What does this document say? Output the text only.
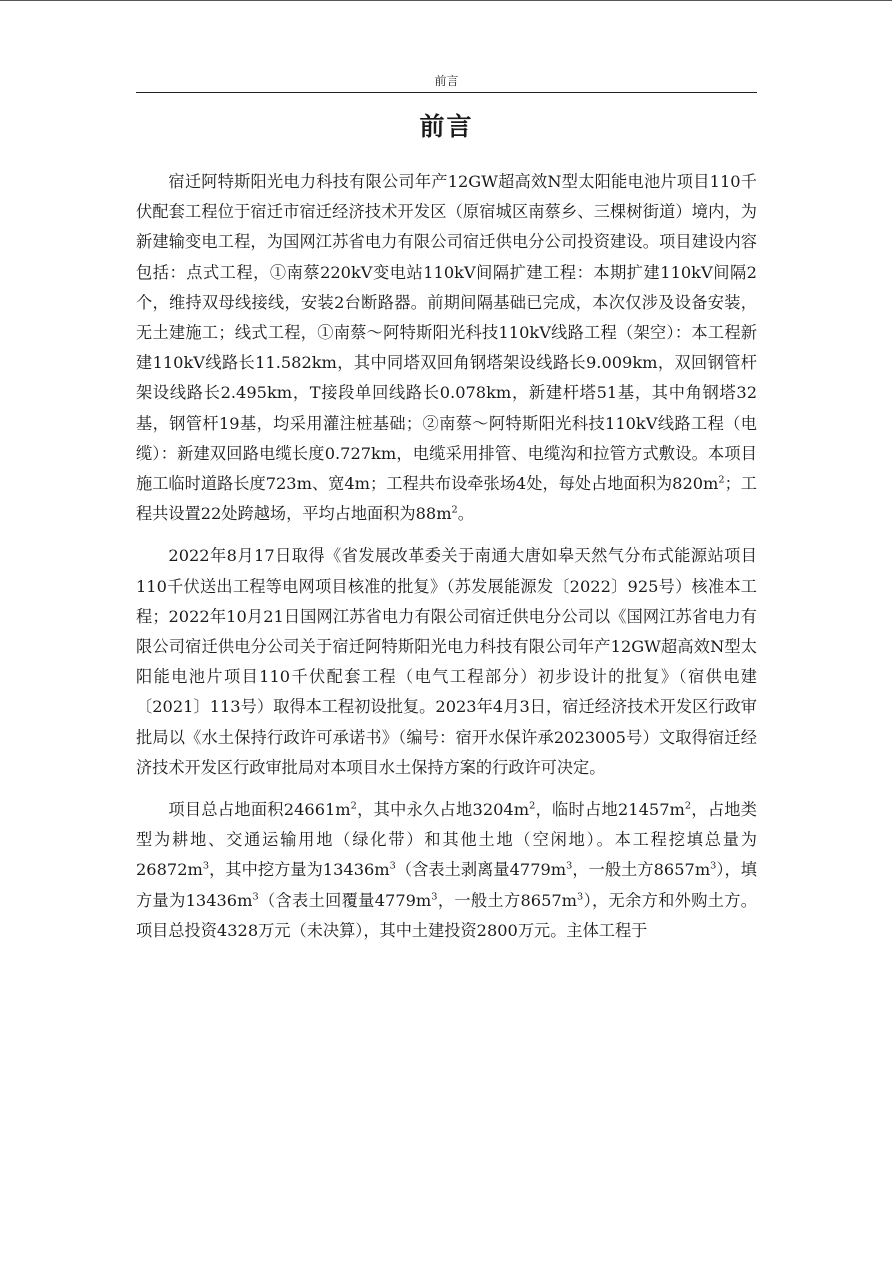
前言
前言

宿迁阿特斯阳光电力科技有限公司年产12GW超高效N型太阳能电池片项目110千伏配套工程位于宿迁市宿迁经济技术开发区（原宿城区南蔡乡、三棵树街道）境内，为新建输变电工程，为国网江苏省电力有限公司宿迁供电分公司投资建设。项目建设内容包括：点式工程，①南蔡220kV变电站110kV间隔扩建工程：本期扩建110kV间隔2个，维持双母线接线，安装2台断路器。前期间隔基础已完成，本次仅涉及设备安装，无土建施工；线式工程，①南蔡～阿特斯阳光科技110kV线路工程（架空）：本工程新建110kV线路长11.582km，其中同塔双回角钢塔架设线路长9.009km，双回钢管杆架设线路长2.495km，T接段单回线路长0.078km，新建杆塔51基，其中角钢塔32基，钢管杆19基，均采用灌注桩基础；②南蔡～阿特斯阳光科技110kV线路工程（电缆）：新建双回路电缆长度0.727km，电缆采用排管、电缆沟和拉管方式敷设。本项目施工临时道路长度723m、宽4m；工程共布设牵张场4处，每处占地面积为$820m^2$；工程共设置22处跨越场，平均占地面积为$88m^2$。

2022年8月17日取得《省发展改革委关于南通大唐如皋天然气分布式能源站项目110千伏送出工程等电网项目核准的批复》（苏发展能源发〔2022〕925号）核准本工程；2022年10月21日国网江苏省电力有限公司宿迁供电分公司以《国网江苏省电力有限公司宿迁供电分公司关于宿迁阿特斯阳光电力科技有限公司年产12GW超高效N型太阳能电池片项目110千伏配套工程（电气工程部分）初步设计的批复》（宿供电建〔2021〕113号）取得本工程初设批复。2023年4月3日，宿迁经济技术开发区行政审批局以《水土保持行政许可承诺书》（编号：宿开水保许承2023005号）文取得宿迁经济技术开发区行政审批局对本项目水土保持方案的行政许可决定。

项目总占地面积$24661m^2$，其中永久占地$3204m^2$，临时占地$21457m^2$，占地类型为耕地、交通运输用地（绿化带）和其他土地（空闲地）。本工程挖填总量为$26872m^3$，其中挖方量为$13436m^3$（含表土剥离量$4779m^3$，一般土方$8657m^3$），填方量为$13436m^3$（含表土回覆量$4779m^3$，一般土方$8657m^3$），无余方和外购土方。项目总投资4328万元（未决算），其中土建投资2800万元。主体工程于
